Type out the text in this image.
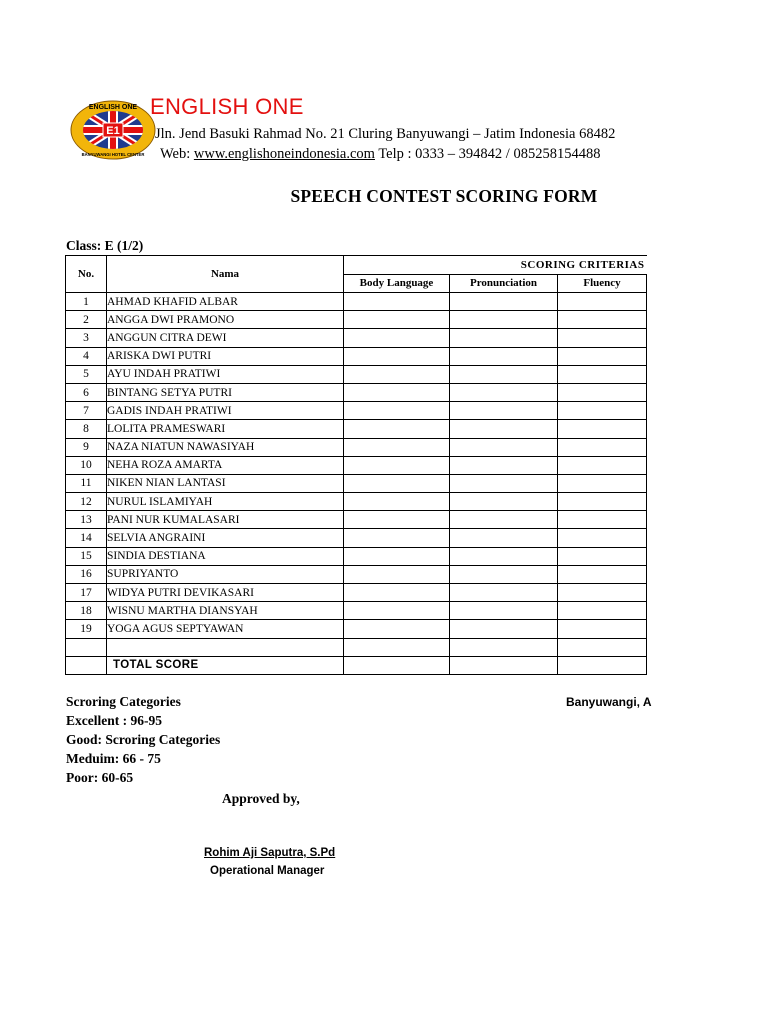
E1
ENGLISH ONE
BANYUWANGI HOTEL CENTER
ENGLISH ONE
Jln. Jend Basuki Rahmad No. 21 Cluring Banyuwangi – Jatim Indonesia 68482
Web: www.englishoneindonesia.com Telp : 0333 – 394842 / 085258154488
SPEECH CONTEST SCORING FORM
Class: E (1/2)
No.	Nama	SCORING CRITERIAS		
		Body Language	Pronunciation	Fluency
1	AHMAD KHAFID ALBAR			
2	ANGGA DWI PRAMONO			
3	ANGGUN CITRA DEWI			
4	ARISKA DWI PUTRI			
5	AYU INDAH PRATIWI			
6	BINTANG SETYA PUTRI			
7	GADIS INDAH PRATIWI			
8	LOLITA PRAMESWARI			
9	NAZA NIATUN NAWASIYAH			
10	NEHA ROZA AMARTA			
11	NIKEN NIAN LANTASI			
12	NURUL ISLAMIYAH			
13	PANI NUR KUMALASARI			
14	SELVIA ANGRAINI			
15	SINDIA DESTIANA			
16	SUPRIYANTO			
17	WIDYA PUTRI DEVIKASARI			
18	WISNU MARTHA DIANSYAH			
19	YOGA AGUS SEPTYAWAN			

	TOTAL SCORE			
Scroring Categories
Excellent : 96-95
Good: Scroring Categories
Meduim: 66 - 75
Poor: 60-65
Banyuwangi, A
Approved by,
Rohim Aji Saputra, S.Pd
Operational Manager
